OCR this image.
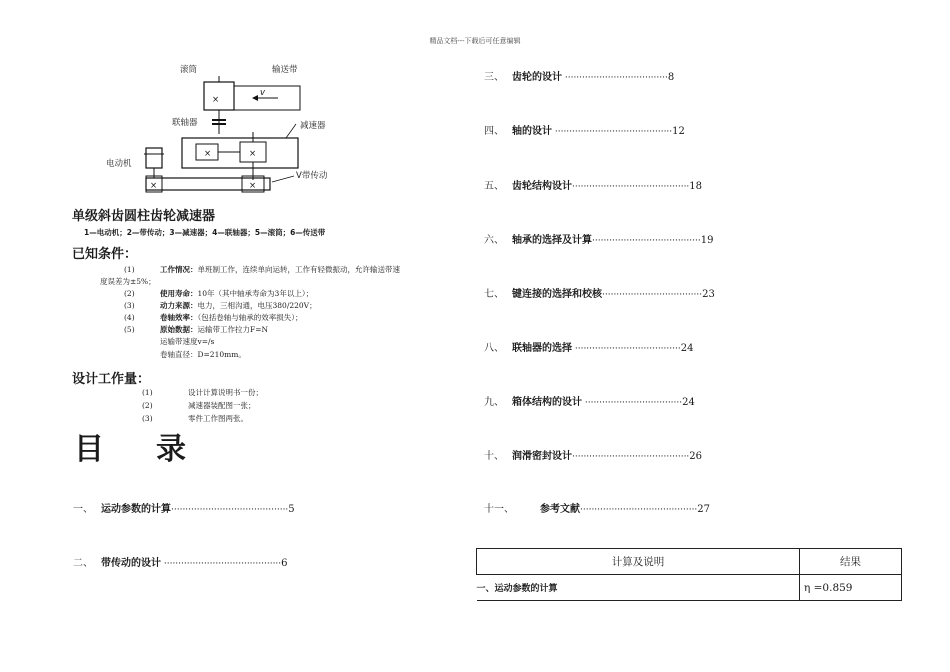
精品文档---下载后可任意编辑
滚筒	输送带
×
v
联轴器	减速器
×	×
电动机
V带传动
×	×
单级斜齿圆柱齿轮减速器
1—电动机；2—带传动；3—减速器；4—联轴器；5—滚筒；6—传送带
已知条件：
(1)	工作情况：单班制工作，连续单向运转，工作有轻微振动，允许输送带速
度误差为±5%；
(2)	使用寿命：10年（其中轴承寿命为3年以上）；
(3)	动力来源：电力，三相沟通，电压380/220V；
(4)	卷轴效率：（包括卷轴与轴承的效率损失）；
(5)	原始数据：运输带工作拉力F=N
运输带速度v=/s
卷轴直径：D=210mm。
设计工作量：
(1)	设计计算说明书一份；
(2)	减速器装配图一张；
(3)	零件工作图两张。
目录
一、 运动参数的计算·········································5
二、 带传动的设计 ·········································6
三、 齿轮的设计 ····································8
四、 轴的设计 ·········································12
五、 齿轮结构设计·········································18
六、 轴承的选择及计算······································19
七、 键连接的选择和校核···································23
八、 联轴器的选择 ·····································24
九、 箱体结构的设计 ··································24
十、 润滑密封设计·········································26
十一、	参考文献·········································27
计算及说明	结果
一、运动参数的计算	η =0.859
